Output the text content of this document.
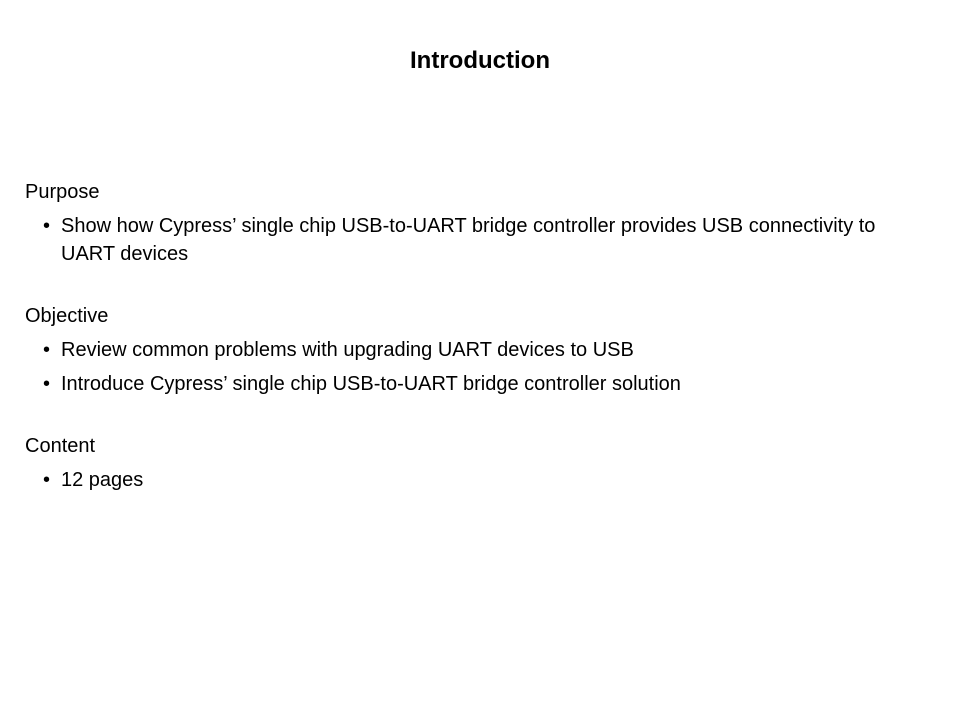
Introduction
Purpose
• Show how Cypress’ single chip USB-to-UART bridge controller provides USB connectivity to UART devices
Objective
• Review common problems with upgrading UART devices to USB
• Introduce Cypress’ single chip USB-to-UART bridge controller solution
Content
• 12 pages
